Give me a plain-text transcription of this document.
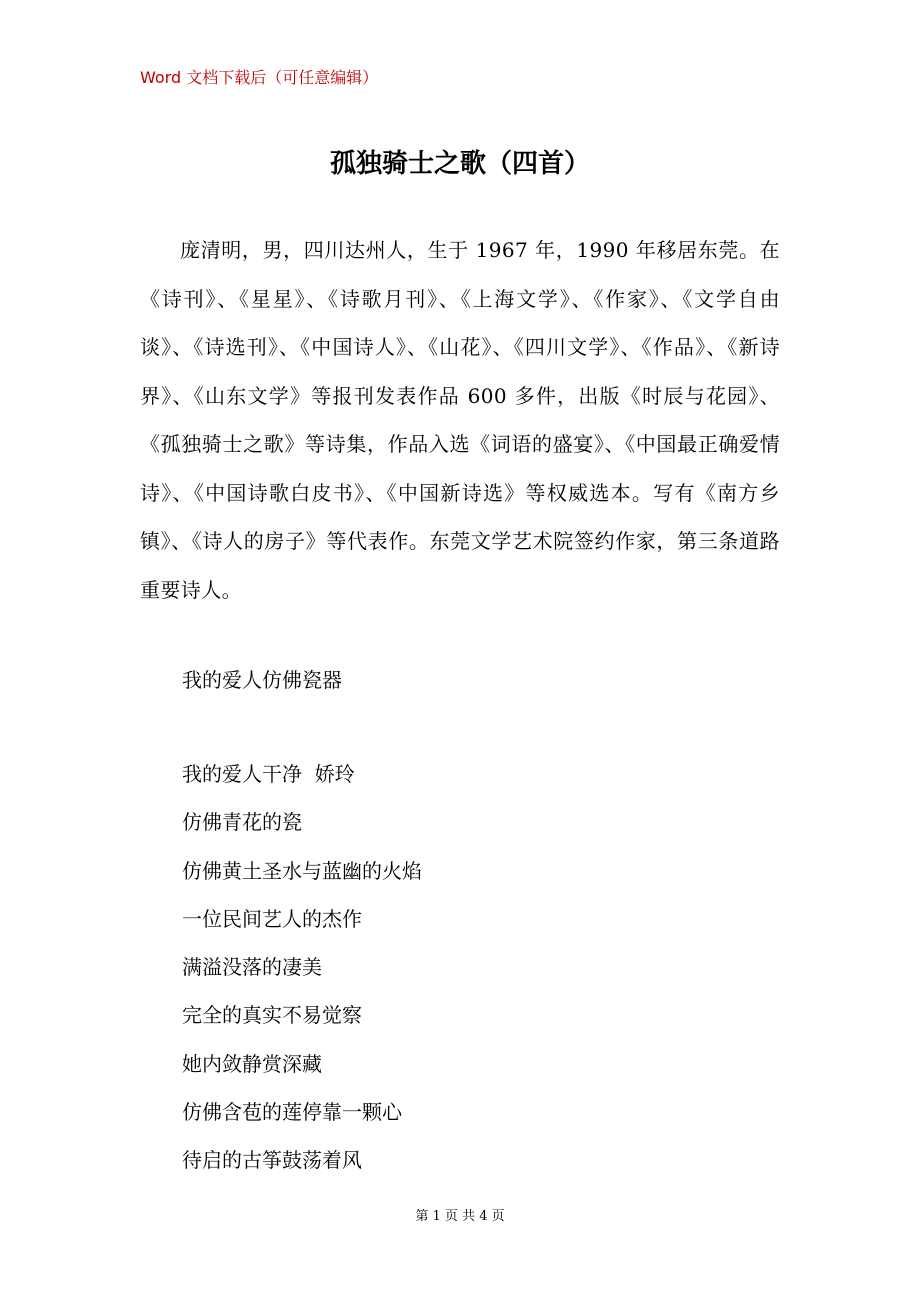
Word 文档下载后（可任意编辑）
孤独骑士之歌（四首）

庞清明，男，四川达州人，生于 1967 年，1990 年移居东莞。在《诗刊》、《星星》、《诗歌月刊》、《上海文学》、《作家》、《文学自由谈》、《诗选刊》、《中国诗人》、《山花》、《四川文学》、《作品》、《新诗界》、《山东文学》等报刊发表作品 600 多件，出版《时辰与花园》、《孤独骑士之歌》等诗集，作品入选《词语的盛宴》、《中国最正确爱情诗》、《中国诗歌白皮书》、《中国新诗选》等权威选本。写有《南方乡镇》、《诗人的房子》等代表作。东莞文学艺术院签约作家，第三条道路重要诗人。

我的爱人仿佛瓷器
我的爱人干净  娇玲
仿佛青花的瓷
仿佛黄土圣水与蓝幽的火焰
一位民间艺人的杰作
满溢没落的凄美
完全的真实不易觉察
她内敛静赏深藏
仿佛含苞的莲停靠一颗心
待启的古筝鼓荡着风
第 1 页 共 4 页
